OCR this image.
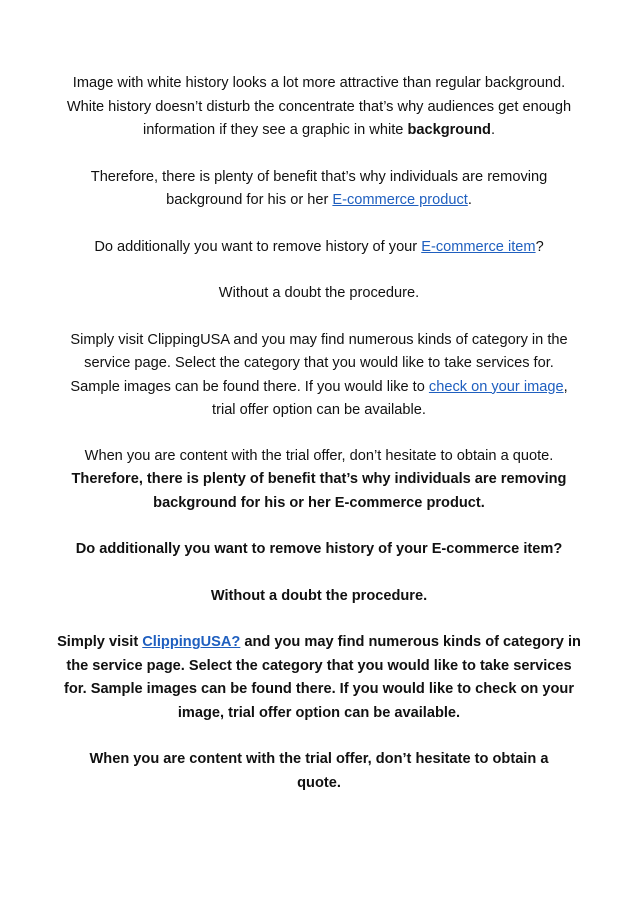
Image with white history looks a lot more attractive than regular background. White history doesn’t disturb the concentrate that’s why audiences get enough information if they see a graphic in white background.

Therefore, there is plenty of benefit that’s why individuals are removing background for his or her E-commerce product.

Do additionally you want to remove history of your E-commerce item?

Without a doubt the procedure.

Simply visit ClippingUSA and you may find numerous kinds of category in the service page. Select the category that you would like to take services for. Sample images can be found there. If you would like to check on your image, trial offer option can be available.

When you are content with the trial offer, don’t hesitate to obtain a quote.

Therefore, there is plenty of benefit that’s why individuals are removing background for his or her E-commerce product.

Do additionally you want to remove history of your E-commerce item?

Without a doubt the procedure.

Simply visit ClippingUSA? and you may find numerous kinds of category in the service page. Select the category that you would like to take services for. Sample images can be found there. If you would like to check on your image, trial offer option can be available.

When you are content with the trial offer, don’t hesitate to obtain a quote.
